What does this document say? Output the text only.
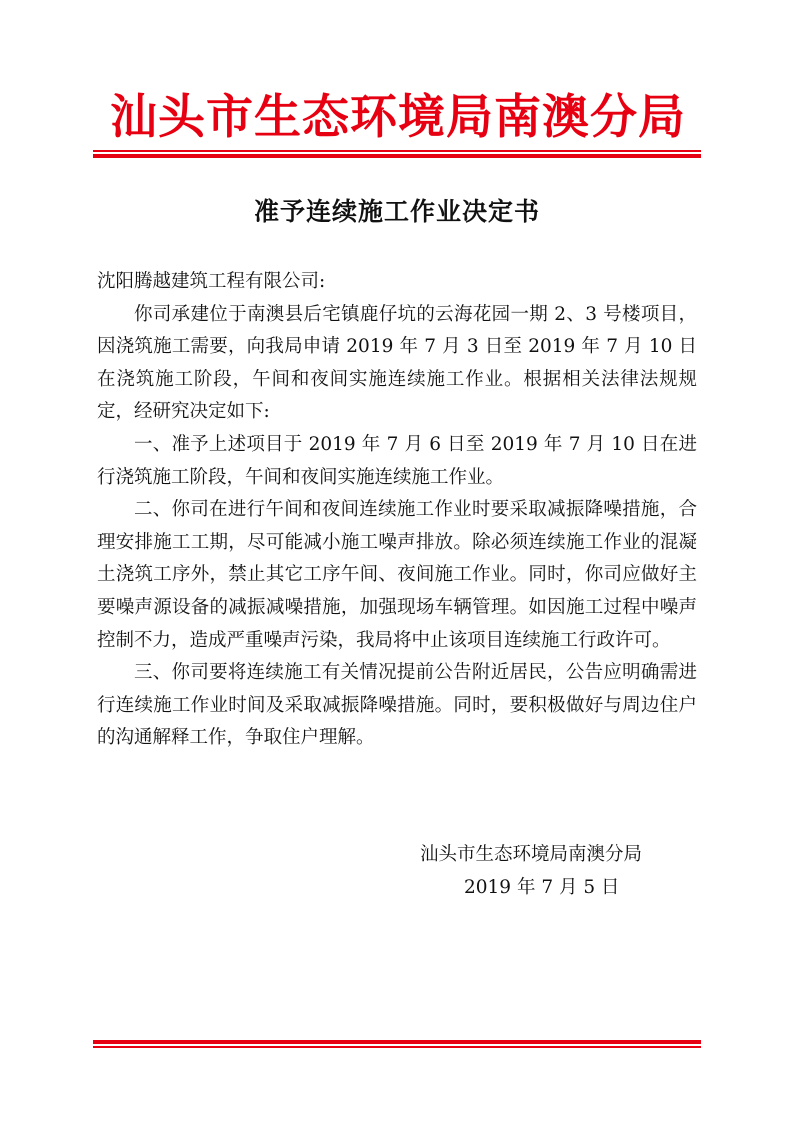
汕头市生态环境局南澳分局
准予连续施工作业决定书

沈阳腾越建筑工程有限公司:

你司承建位于南澳县后宅镇鹿仔坑的云海花园一期 2、3 号楼项目，因浇筑施工需要，向我局申请 2019 年 7 月 3 日至 2019 年 7 月 10 日在浇筑施工阶段，午间和夜间实施连续施工作业。根据相关法律法规规定，经研究决定如下:

一、准予上述项目于 2019 年 7 月 6 日至 2019 年 7 月 10 日在进行浇筑施工阶段，午间和夜间实施连续施工作业。

二、你司在进行午间和夜间连续施工作业时要采取减振降噪措施，合理安排施工工期，尽可能减小施工噪声排放。除必须连续施工作业的混凝土浇筑工序外，禁止其它工序午间、夜间施工作业。同时，你司应做好主要噪声源设备的减振减噪措施，加强现场车辆管理。如因施工过程中噪声控制不力，造成严重噪声污染，我局将中止该项目连续施工行政许可。

三、你司要将连续施工有关情况提前公告附近居民，公告应明确需进行连续施工作业时间及采取减振降噪措施。同时，要积极做好与周边住户的沟通解释工作，争取住户理解。

汕头市生态环境局南澳分局
2019 年 7 月 5 日
